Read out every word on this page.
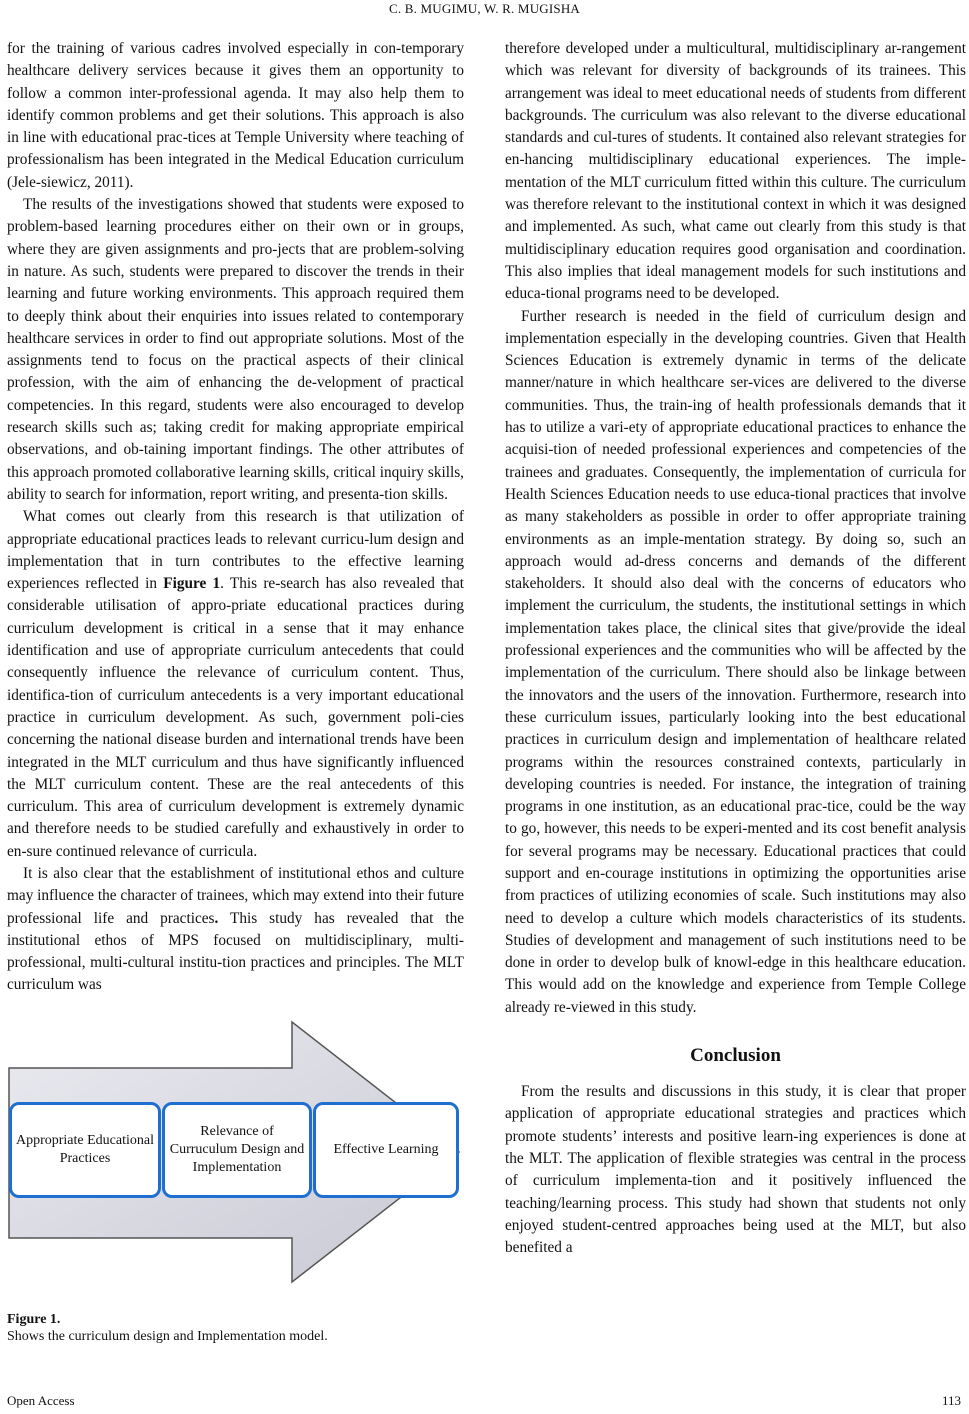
C. B. MUGIMU, W. R. MUGISHA

for the training of various cadres involved especially in con-temporary healthcare delivery services because it gives them an opportunity to follow a common inter-professional agenda. It may also help them to identify common problems and get their solutions. This approach is also in line with educational prac-tices at Temple University where teaching of professionalism has been integrated in the Medical Education curriculum (Jele-siewicz, 2011).

The results of the investigations showed that students were exposed to problem-based learning procedures either on their own or in groups, where they are given assignments and pro-jects that are problem-solving in nature. As such, students were prepared to discover the trends in their learning and future working environments. This approach required them to deeply think about their enquiries into issues related to contemporary healthcare services in order to find out appropriate solutions. Most of the assignments tend to focus on the practical aspects of their clinical profession, with the aim of enhancing the de-velopment of practical competencies. In this regard, students were also encouraged to develop research skills such as; taking credit for making appropriate empirical observations, and ob-taining important findings. The other attributes of this approach promoted collaborative learning skills, critical inquiry skills, ability to search for information, report writing, and presenta-tion skills.

What comes out clearly from this research is that utilization of appropriate educational practices leads to relevant curricu-lum design and implementation that in turn contributes to the effective learning experiences reflected in Figure 1. This re-search has also revealed that considerable utilisation of appro-priate educational practices during curriculum development is critical in a sense that it may enhance identification and use of appropriate curriculum antecedents that could consequently influence the relevance of curriculum content. Thus, identifica-tion of curriculum antecedents is a very important educational practice in curriculum development. As such, government poli-cies concerning the national disease burden and international trends have been integrated in the MLT curriculum and thus have significantly influenced the MLT curriculum content. These are the real antecedents of this curriculum. This area of curriculum development is extremely dynamic and therefore needs to be studied carefully and exhaustively in order to en-sure continued relevance of curricula.

It is also clear that the establishment of institutional ethos and culture may influence the character of trainees, which may extend into their future professional life and practices. This study has revealed that the institutional ethos of MPS focused on multidisciplinary, multi-professional, multi-cultural institu-tion practices and principles. The MLT curriculum was

Appropriate Educational Practices
Relevance of Curruculum Design and Implementation
Effective Learning
Figure 1.
Shows the curriculum design and Implementation model.

therefore developed under a multicultural, multidisciplinary ar-rangement which was relevant for diversity of backgrounds of its trainees. This arrangement was ideal to meet educational needs of students from different backgrounds. The curriculum was also relevant to the diverse educational standards and cul-tures of students. It contained also relevant strategies for en-hancing multidisciplinary educational experiences. The imple-mentation of the MLT curriculum fitted within this culture. The curriculum was therefore relevant to the institutional context in which it was designed and implemented. As such, what came out clearly from this study is that multidisciplinary education requires good organisation and coordination. This also implies that ideal management models for such institutions and educa-tional programs need to be developed.

Further research is needed in the field of curriculum design and implementation especially in the developing countries. Given that Health Sciences Education is extremely dynamic in terms of the delicate manner/nature in which healthcare ser-vices are delivered to the diverse communities. Thus, the train-ing of health professionals demands that it has to utilize a vari-ety of appropriate educational practices to enhance the acquisi-tion of needed professional experiences and competencies of the trainees and graduates. Consequently, the implementation of curricula for Health Sciences Education needs to use educa-tional practices that involve as many stakeholders as possible in order to offer appropriate training environments as an imple-mentation strategy. By doing so, such an approach would ad-dress concerns and demands of the different stakeholders. It should also deal with the concerns of educators who implement the curriculum, the students, the institutional settings in which implementation takes place, the clinical sites that give/provide the ideal professional experiences and the communities who will be affected by the implementation of the curriculum. There should also be linkage between the innovators and the users of the innovation. Furthermore, research into these curriculum issues, particularly looking into the best educational practices in curriculum design and implementation of healthcare related programs within the resources constrained contexts, particularly in developing countries is needed. For instance, the integration of training programs in one institution, as an educational prac-tice, could be the way to go, however, this needs to be experi-mented and its cost benefit analysis for several programs may be necessary. Educational practices that could support and en-courage institutions in optimizing the opportunities arise from practices of utilizing economies of scale. Such institutions may also need to develop a culture which models characteristics of its students. Studies of development and management of such institutions need to be done in order to develop bulk of knowl-edge in this healthcare education. This would add on the knowledge and experience from Temple College already re-viewed in this study.

Conclusion

From the results and discussions in this study, it is clear that proper application of appropriate educational strategies and practices which promote students’ interests and positive learn-ing experiences is done at the MLT. The application of flexible strategies was central in the process of curriculum implementa-tion and it positively influenced the teaching/learning process. This study had shown that students not only enjoyed student-centred approaches being used at the MLT, but also benefited a

Open Access	113
